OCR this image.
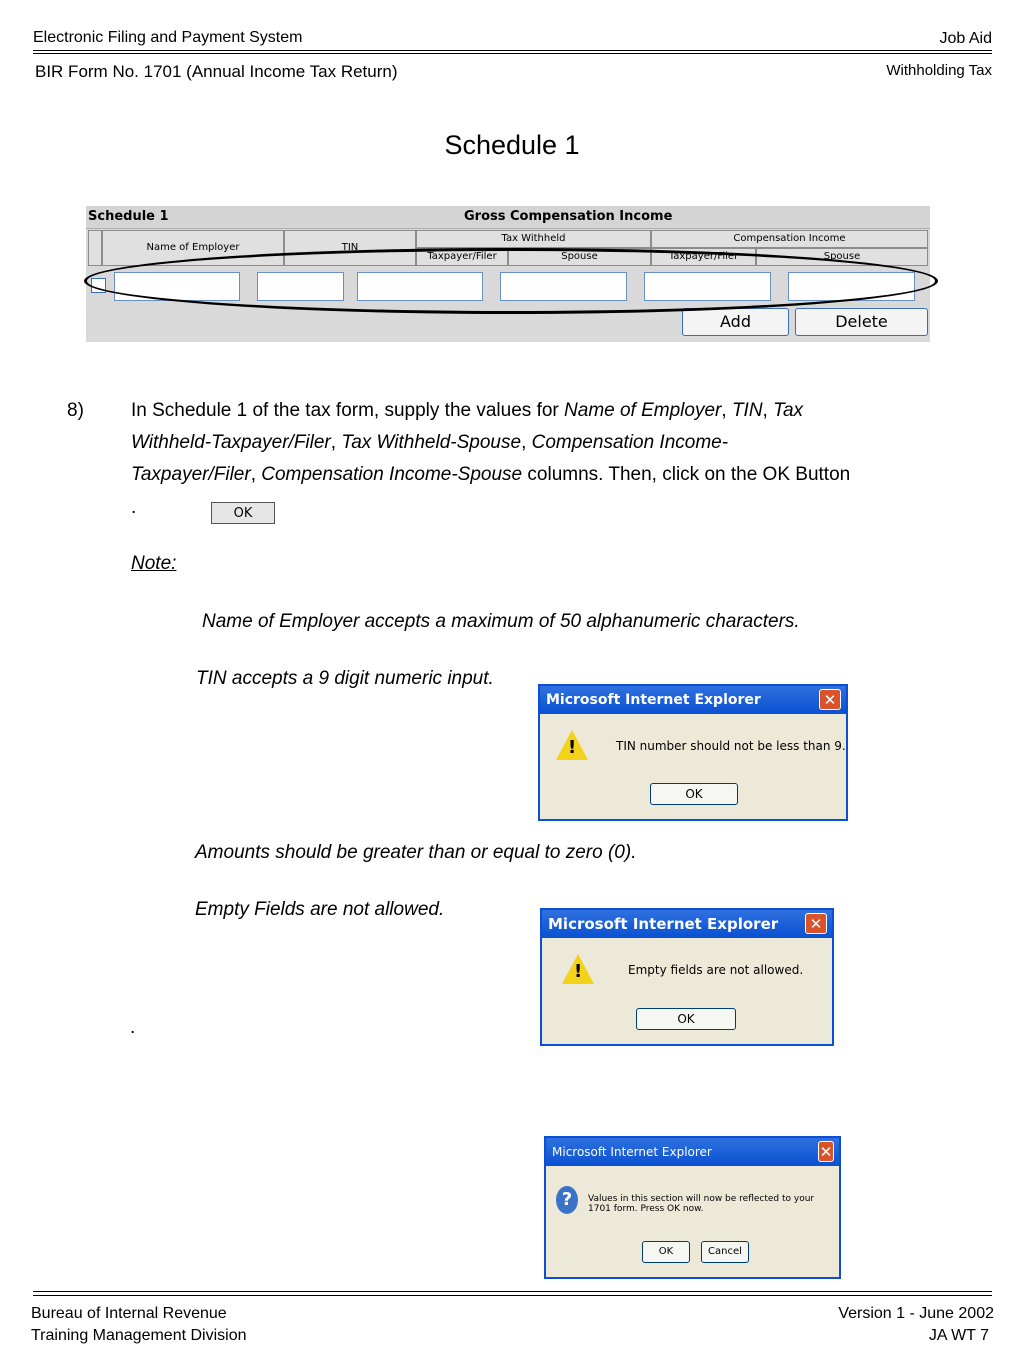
Electronic Filing and Payment System	Job Aid
BIR Form No. 1701 (Annual Income Tax Return)	Withholding Tax
Schedule 1
Schedule 1	Gross Compensation Income
Name of Employer	TIN
Tax Withheld	Compensation Income
Taxpayer/Filer	Spouse	Taxpayer/Filer	Spouse
Add	Delete
8) In Schedule 1 of the tax form, supply the values for Name of Employer, TIN, Tax
Withheld-Taxpayer/Filer, Tax Withheld-Spouse, Compensation Income-
Taxpayer/Filer, Compensation Income-Spouse columns. Then, click on the OK Button
.	OK
Note:
Name of Employer accepts a maximum of 50 alphanumeric characters.
TIN accepts a 9 digit numeric input.
Amounts should be greater than or equal to zero (0).
Empty Fields are not allowed.
.
Microsoft Internet Explorer	✕
!	TIN number should not be less than 9.
OK
Microsoft Internet Explorer	✕
!	Empty fields are not allowed.
OK
Microsoft Internet Explorer	✕
?	Values in this section will now be reflected to your 1701 form. Press OK now.
OK	Cancel
Bureau of Internal Revenue
Training Management Division
Version 1 - June 2002
JA WT 7
